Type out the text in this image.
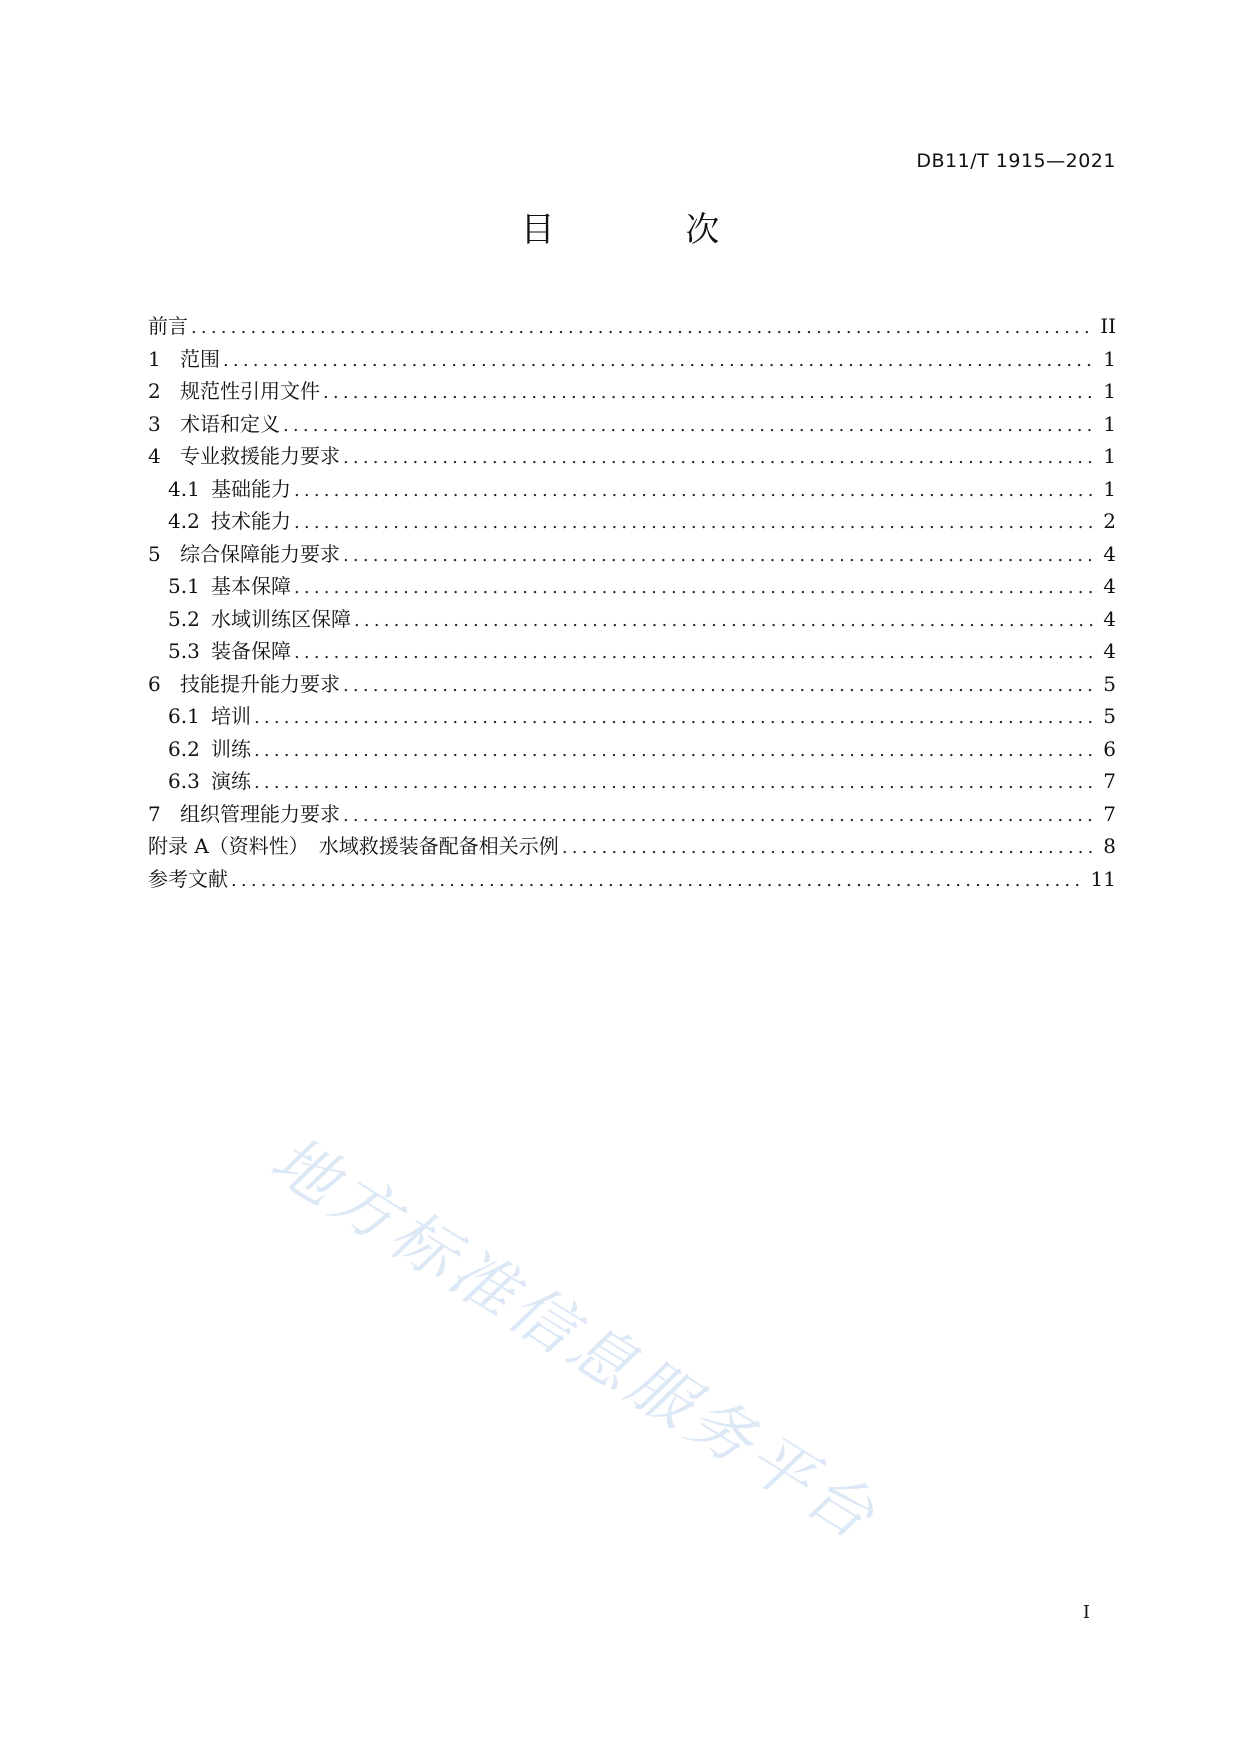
DB11/T 1915—2021
目 次
前言 .....	II
1 范围 .....	1
2 规范性引用文件 .....	1
3 术语和定义 .....	1
4 专业救援能力要求 .....	1
4.1 基础能力 .....	1
4.2 技术能力 .....	2
5 综合保障能力要求 .....	4
5.1 基本保障 .....	4
5.2 水域训练区保障 .....	4
5.3 装备保障 .....	4
6 技能提升能力要求 .....	5
6.1 培训 .....	5
6.2 训练 .....	6
6.3 演练 .....	7
7 组织管理能力要求 .....	7
附录 A（资料性）　水域救援装备配备相关示例 .....	8
参考文献 .....	11
地方标准信息服务平台
I
